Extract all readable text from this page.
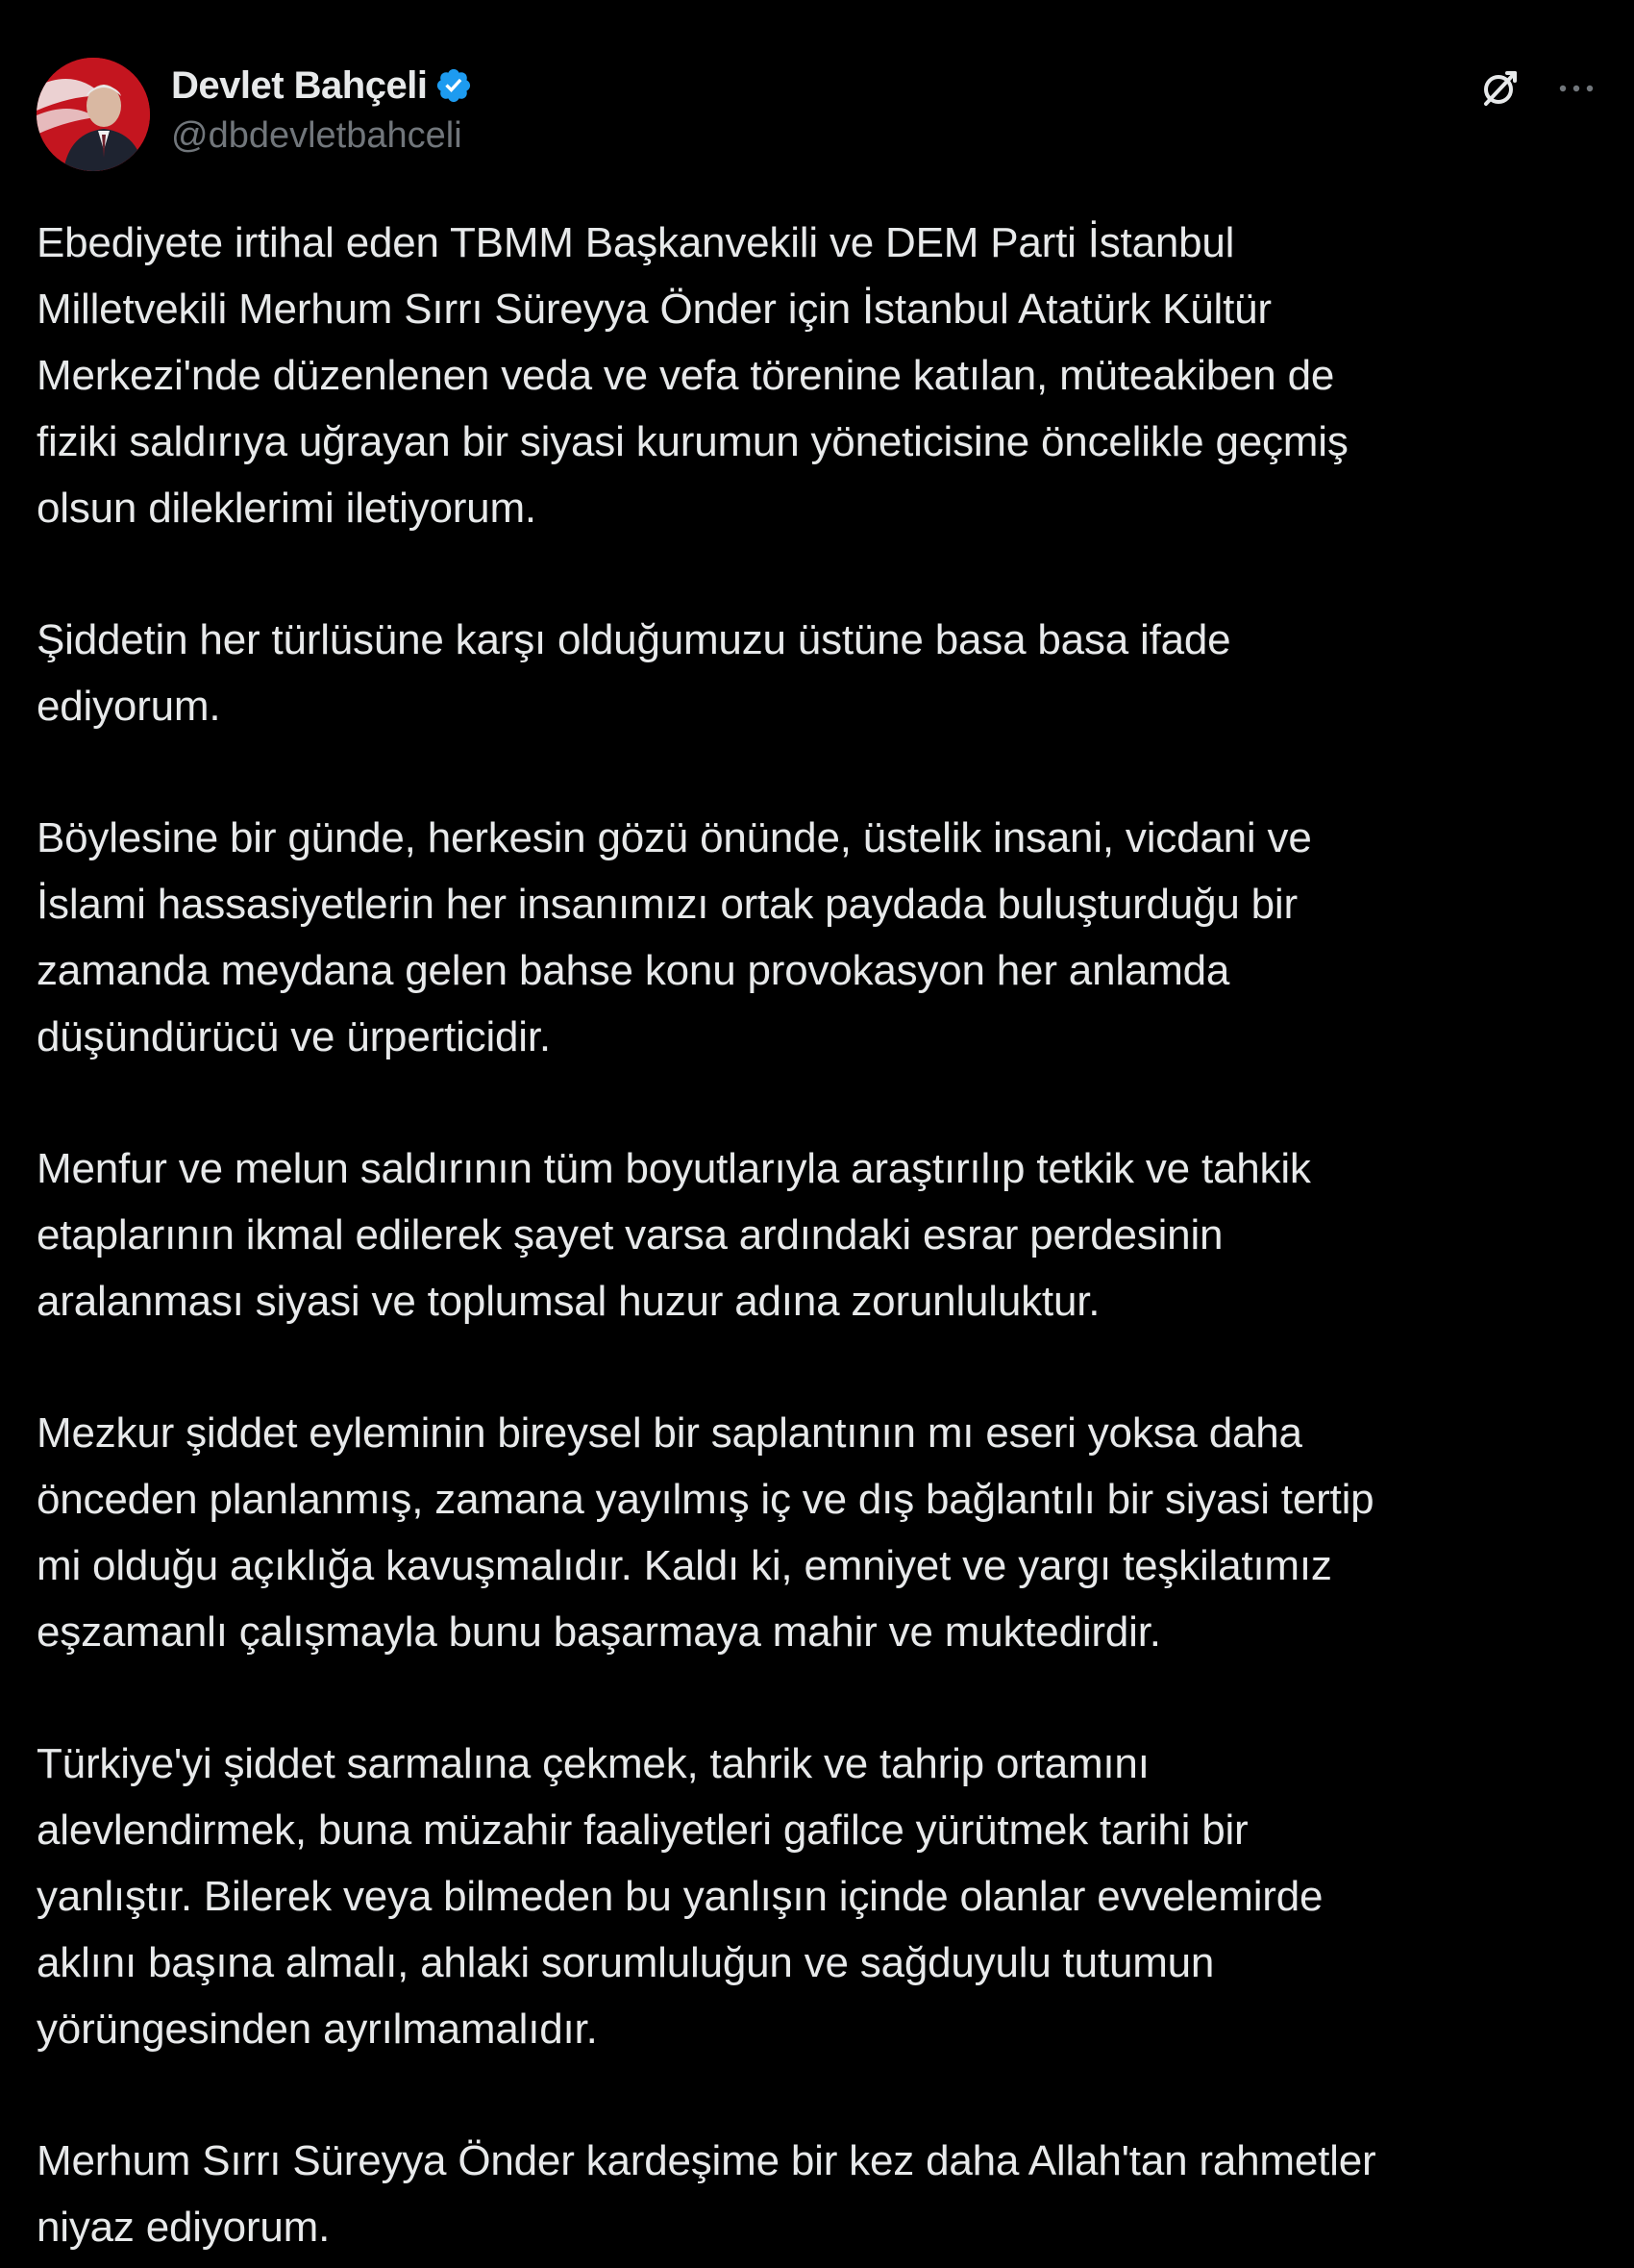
Devlet Bahçeli
@dbdevletbahceli

Ebediyete irtihal eden TBMM Başkanvekili ve DEM Parti İstanbul
Milletvekili Merhum Sırrı Süreyya Önder için İstanbul Atatürk Kültür
Merkezi'nde düzenlenen veda ve vefa törenine katılan, müteakiben de
fiziki saldırıya uğrayan bir siyasi kurumun yöneticisine öncelikle geçmiş
olsun dileklerimi iletiyorum.

Şiddetin her türlüsüne karşı olduğumuzu üstüne basa basa ifade
ediyorum.

Böylesine bir günde, herkesin gözü önünde, üstelik insani, vicdani ve
İslami hassasiyetlerin her insanımızı ortak paydada buluşturduğu bir
zamanda meydana gelen bahse konu provokasyon her anlamda
düşündürücü ve ürperticidir.

Menfur ve melun saldırının tüm boyutlarıyla araştırılıp tetkik ve tahkik
etaplarının ikmal edilerek şayet varsa ardındaki esrar perdesinin
aralanması siyasi ve toplumsal huzur adına zorunluluktur.

Mezkur şiddet eyleminin bireysel bir saplantının mı eseri yoksa daha
önceden planlanmış, zamana yayılmış iç ve dış bağlantılı bir siyasi tertip
mi olduğu açıklığa kavuşmalıdır. Kaldı ki, emniyet ve yargı teşkilatımız
eşzamanlı çalışmayla bunu başarmaya mahir ve muktedirdir.

Türkiye'yi şiddet sarmalına çekmek, tahrik ve tahrip ortamını
alevlendirmek, buna müzahir faaliyetleri gafilce yürütmek tarihi bir
yanlıştır. Bilerek veya bilmeden bu yanlışın içinde olanlar evvelemirde
aklını başına almalı, ahlaki sorumluluğun ve sağduyulu tutumun
yörüngesinden ayrılmamalıdır.

Merhum Sırrı Süreyya Önder kardeşime bir kez daha Allah'tan rahmetler
niyaz ediyorum.
